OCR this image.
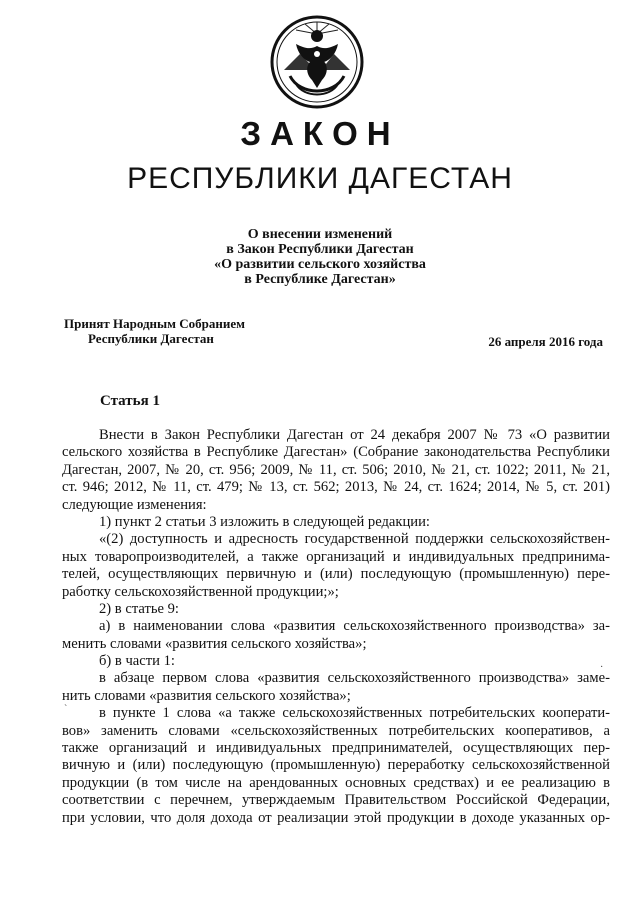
ЗАКОН
РЕСПУБЛИКИ ДАГЕСТАН
О внесении изменений
в Закон Республики Дагестан
«О развитии сельского хозяйства
в Республике Дагестан»
Принят Народным Собранием
Республики Дагестан	26 апреля 2016 года
Статья 1
Внести в Закон Республики Дагестан от 24 декабря 2007 № 73 «О развитии
сельского хозяйства в Республике Дагестан» (Собрание законодательства Республики
Дагестан, 2007, № 20, ст. 956; 2009, № 11, ст. 506; 2010, № 21, ст. 1022; 2011, № 21,
ст. 946; 2012, № 11, ст. 479; № 13, ст. 562; 2013, № 24, ст. 1624; 2014, № 5, ст. 201)
следующие изменения:
1) пункт 2 статьи 3 изложить в следующей редакции:
«(2) доступность и адресность государственной поддержки сельскохозяйствен-
ных товаропроизводителей, а также организаций и индивидуальных предпринима-
телей, осуществляющих первичную и (или) последующую (промышленную) пере-
работку сельскохозяйственной продукции;»;
2) в статье 9:
а) в наименовании слова «развития сельскохозяйственного производства» за-
менить словами «развития сельского хозяйства»;
б) в части 1:
в абзаце первом слова «развития сельскохозяйственного производства» заме-
нить словами «развития сельского хозяйства»;
в пункте 1 слова «а также сельскохозяйственных потребительских кооперати-
вов» заменить словами «сельскохозяйственных потребительских кооперативов, а
также организаций и индивидуальных предпринимателей, осуществляющих пер-
вичную и (или) последующую (промышленную) переработку сельскохозяйственной
продукции (в том числе на арендованных основных средствах) и ее реализацию в
соответствии с перечнем, утверждаемым Правительством Российской Федерации,
при условии, что доля дохода от реализации этой продукции в доходе указанных ор-
·
ˋ
